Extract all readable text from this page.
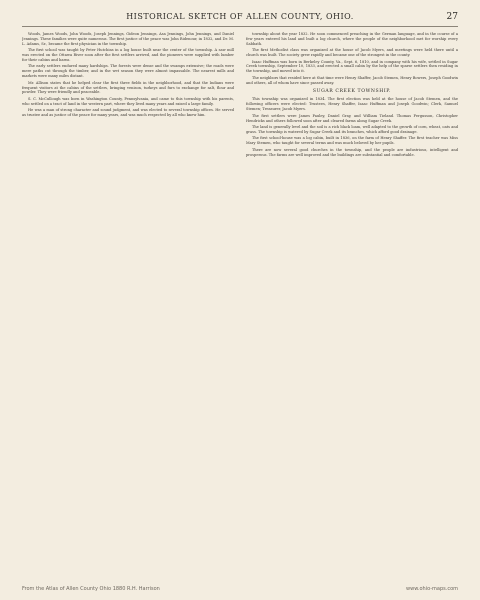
HISTORICAL SKETCH OF ALLEN COUNTY, OHIO.	27

Woods, James Woods, John Woods, Joseph Jennings, Gideon Jennings, Asa Jennings, John Jennings, and Daniel Jennings. These families were quite numerous. The first justice of the peace was John Ridenour, in 1832, and Dr. M. L. Adams, Sr., became the first physician in the township.

The first school was taught by Peter Hutchins in a log house built near the center of the township. A saw mill was erected on the Ottawa River soon after the first settlers arrived, and the pioneers were supplied with lumber for their cabins and barns.

The early settlers endured many hardships. The forests were dense and the swamps extensive; the roads were mere paths cut through the timber, and in the wet season they were almost impassable. The nearest mills and markets were many miles distant.

Mr. Allison states that he helped clear the first three fields in the neighborhood, and that the Indians were frequent visitors at the cabins of the settlers, bringing venison, turkeys and furs to exchange for salt, flour and powder. They were friendly and peaceable.

S. C. McCullough was born in Washington County, Pennsylvania, and came to this township with his parents, who settled on a tract of land in the western part, where they lived many years and raised a large family.

He was a man of strong character and sound judgment, and was elected to several township offices. He served as trustee and as justice of the peace for many years, and was much respected by all who knew him.

township about the year 1832. He soon commenced preaching in the German language, and in the course of a few years entered his land and built a log church, where the people of the neighborhood met for worship every Sabbath.

The first Methodist class was organized at the house of Jacob Myers, and meetings were held there until a church was built. The society grew rapidly and became one of the strongest in the county.

Isaac Huffman was born in Berkeley County, Va., Sept. 6, 1810, and in company with his wife, settled in Sugar Creek township, September 10, 1833, and erected a small cabin by the help of the sparse settlers then residing in the township, and moved into it.

The neighbors that resided here at that time were Henry Shaffer, Jacob Stemen, Henry Bowers, Joseph Goodwin and others, all of whom have since passed away.

SUGAR CREEK TOWNSHIP.

This township was organized in 1834. The first election was held at the house of Jacob Stemen, and the following officers were elected: Trustees, Henry Shaffer, Isaac Huffman and Joseph Goodwin; Clerk, Samuel Stemen; Treasurer, Jacob Myers.

The first settlers were James Pauley, Daniel Gray, and William Tieland. Thomas Fergusson, Christopher Hendricks and others followed soon after and cleared farms along Sugar Creek.

The land is generally level and the soil is a rich black loam, well adapted to the growth of corn, wheat, oats and grass. The township is watered by Sugar Creek and its branches, which afford good drainage.

The first school-house was a log cabin, built in 1836, on the farm of Henry Shaffer. The first teacher was Miss Mary Stemen, who taught for several terms and was much beloved by her pupils.

There are now several good churches in the township, and the people are industrious, intelligent and prosperous. The farms are well improved and the buildings are substantial and comfortable.

From the Atlas of Allen County Ohio 1880 R.H. Harrison	www.ohio-maps.com
